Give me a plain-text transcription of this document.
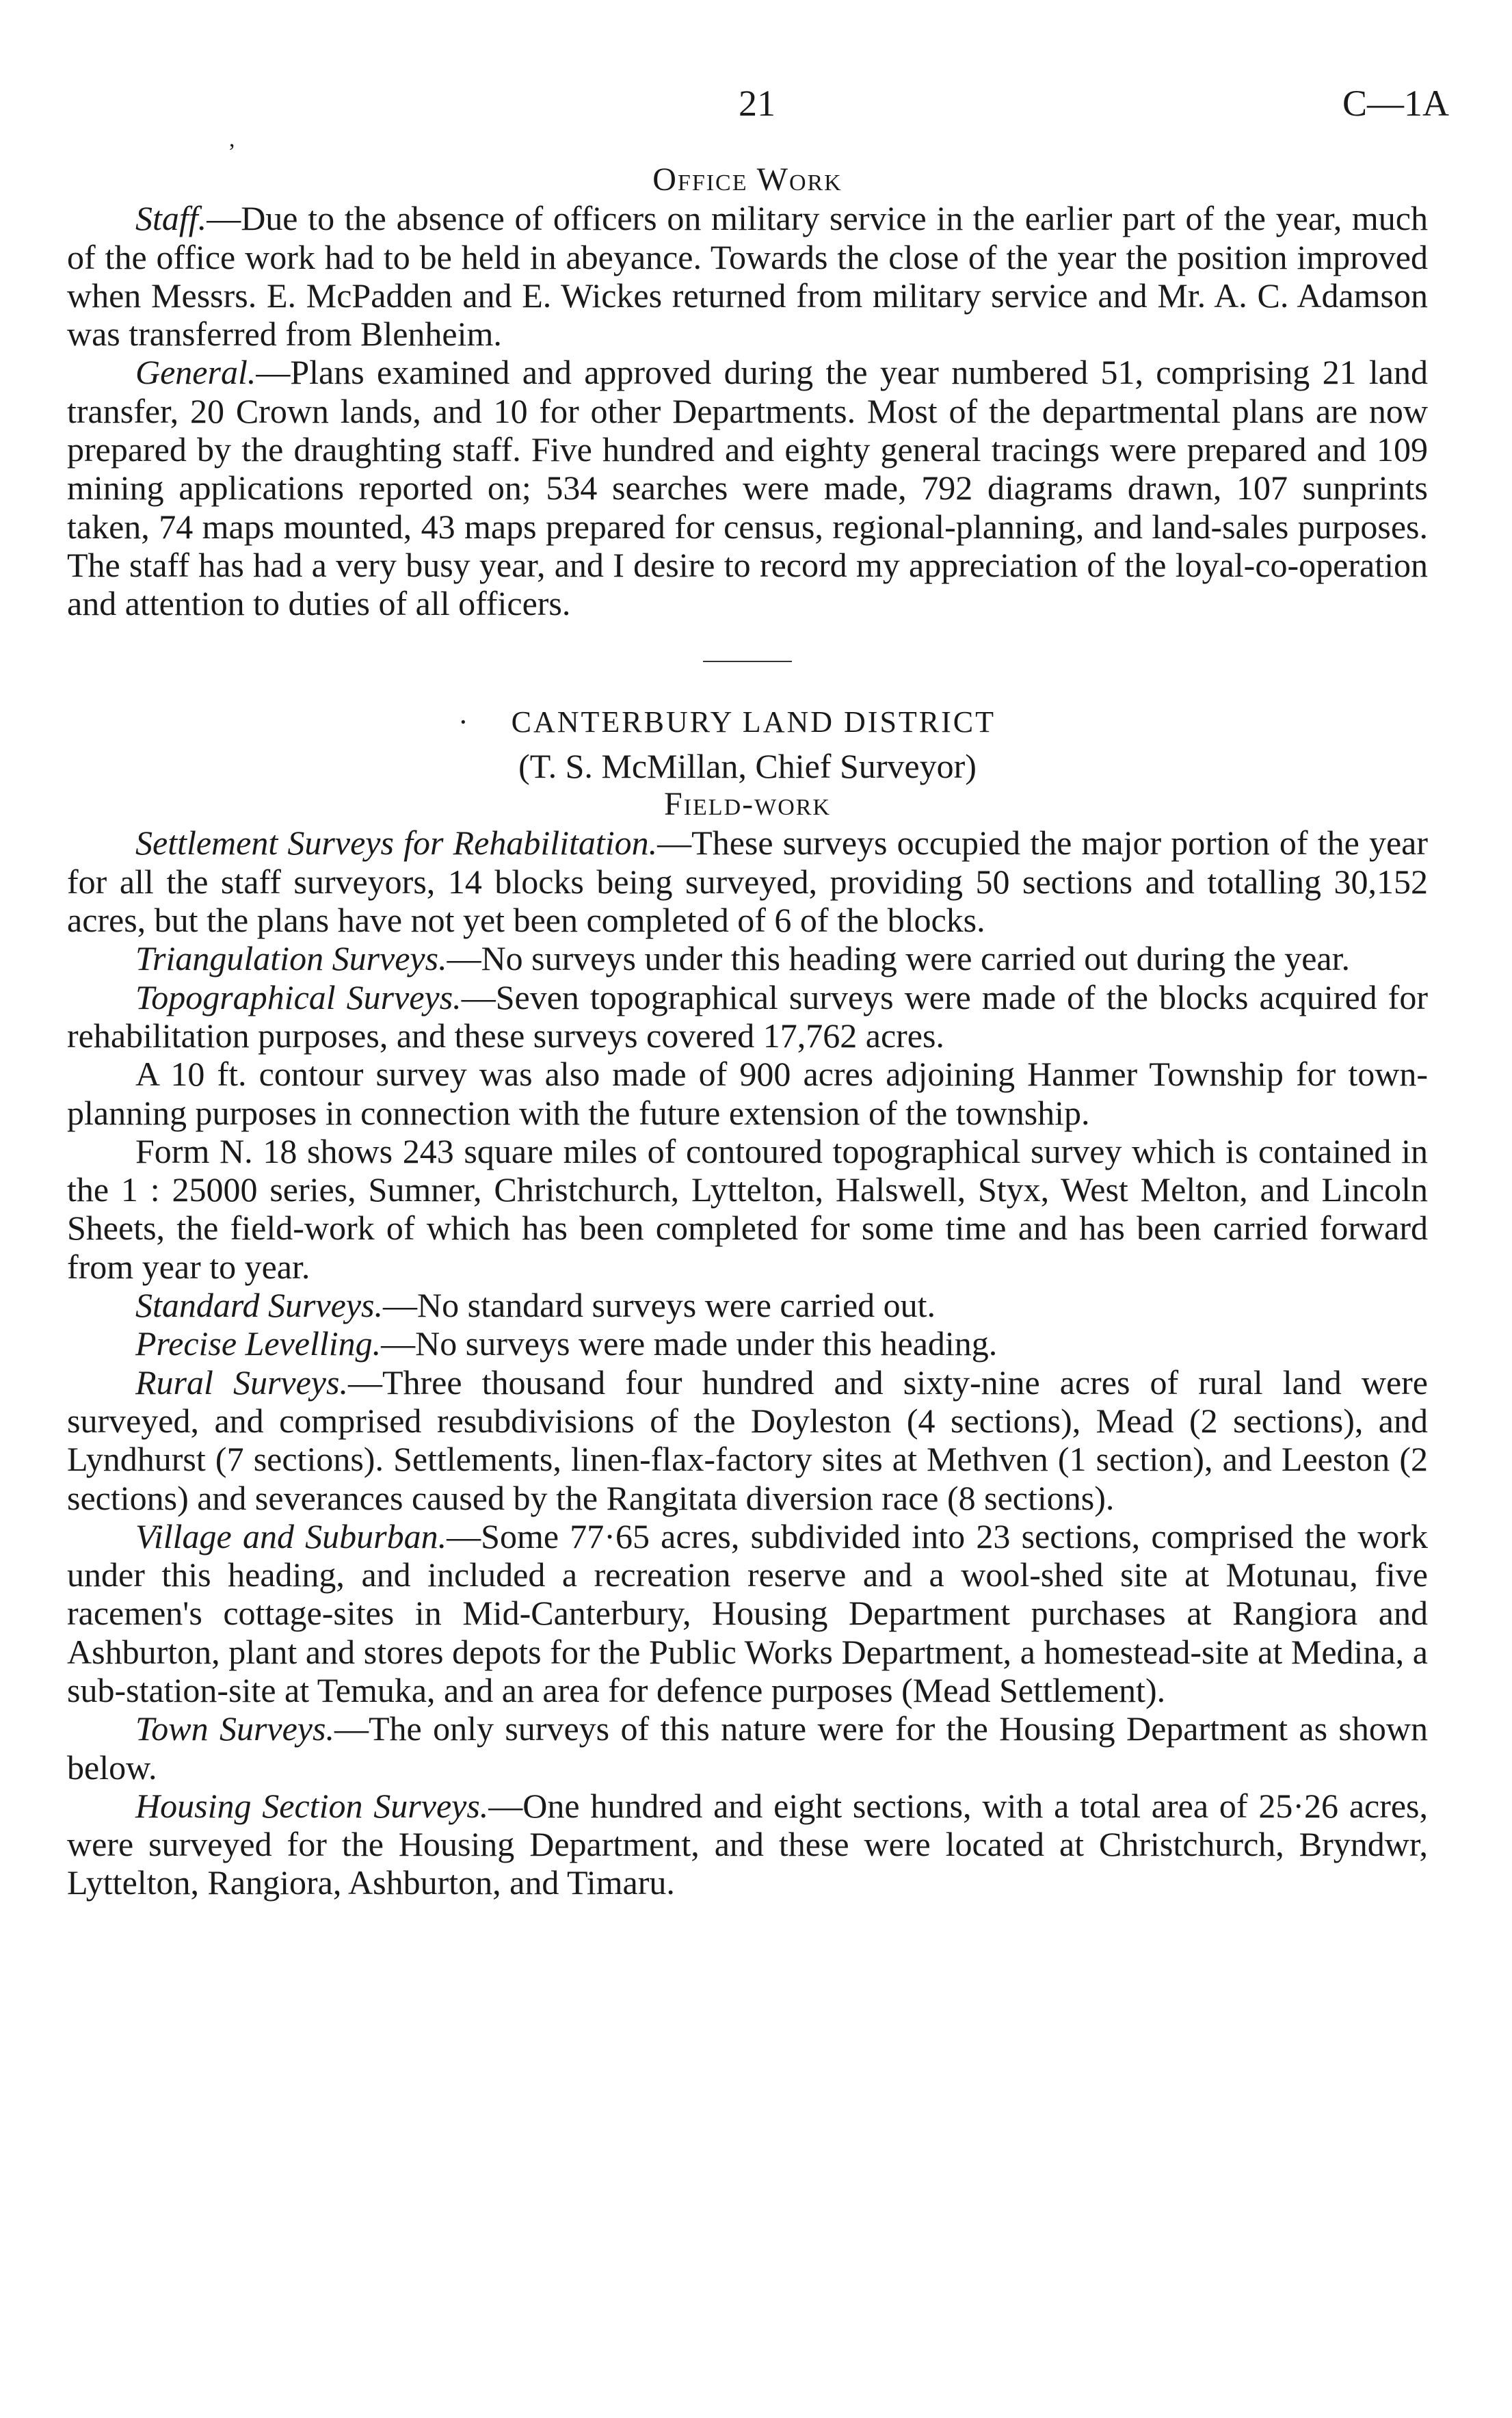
21	C—1A
,

Office Work

Staff.—Due to the absence of officers on military service in the earlier part of the year, much of the office work had to be held in abeyance. Towards the close of the year the position improved when Messrs. E. McPadden and E. Wickes returned from military service and Mr. A. C. Adamson was transferred from Blenheim.

General.—Plans examined and approved during the year numbered 51, comprising 21 land transfer, 20 Crown lands, and 10 for other Departments. Most of the departmental plans are now prepared by the draughting staff. Five hundred and eighty general tracings were prepared and 109 mining applications reported on; 534 searches were made, 792 diagrams drawn, 107 sunprints taken, 74 maps mounted, 43 maps prepared for census, regional-planning, and land-sales purposes. The staff has had a very busy year, and I desire to record my appreciation of the loyal-co-operation and attention to duties of all officers.

· CANTERBURY LAND DISTRICT

(T. S. McMillan, Chief Surveyor)

Field-work

Settlement Surveys for Rehabilitation.—These surveys occupied the major portion of the year for all the staff surveyors, 14 blocks being surveyed, providing 50 sections and totalling 30,152 acres, but the plans have not yet been completed of 6 of the blocks.

Triangulation Surveys.—No surveys under this heading were carried out during the year.

Topographical Surveys.—Seven topographical surveys were made of the blocks acquired for rehabilitation purposes, and these surveys covered 17,762 acres.

A 10 ft. contour survey was also made of 900 acres adjoining Hanmer Township for town-planning purposes in connection with the future extension of the township.

Form N. 18 shows 243 square miles of contoured topographical survey which is contained in the 1 : 25000 series, Sumner, Christchurch, Lyttelton, Halswell, Styx, West Melton, and Lincoln Sheets, the field-work of which has been completed for some time and has been carried forward from year to year.

Standard Surveys.—No standard surveys were carried out.

Precise Levelling.—No surveys were made under this heading.

Rural Surveys.—Three thousand four hundred and sixty-nine acres of rural land were surveyed, and comprised resubdivisions of the Doyleston (4 sections), Mead (2 sections), and Lyndhurst (7 sections). Settlements, linen-flax-factory sites at Methven (1 section), and Leeston (2 sections) and severances caused by the Rangitata diversion race (8 sections).

Village and Suburban.—Some 77·65 acres, subdivided into 23 sections, comprised the work under this heading, and included a recreation reserve and a wool-shed site at Motunau, five racemen's cottage-sites in Mid-Canterbury, Housing Department purchases at Rangiora and Ashburton, plant and stores depots for the Public Works Department, a homestead-site at Medina, a sub-station-site at Temuka, and an area for defence purposes (Mead Settlement).

Town Surveys.—The only surveys of this nature were for the Housing Department as shown below.

Housing Section Surveys.—One hundred and eight sections, with a total area of 25·26 acres, were surveyed for the Housing Department, and these were located at Christchurch, Bryndwr, Lyttelton, Rangiora, Ashburton, and Timaru.
